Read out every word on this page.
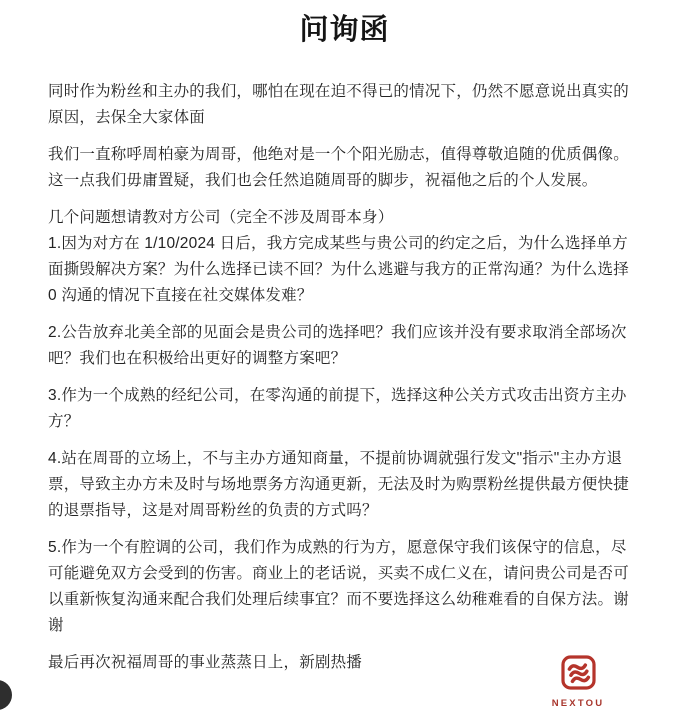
问询函

同时作为粉丝和主办的我们，哪怕在现在迫不得已的情况下，仍然不愿意说出真实的原因，去保全大家体面

我们一直称呼周柏豪为周哥，他绝对是一个个阳光励志，值得尊敬追随的优质偶像。这一点我们毋庸置疑，我们也会任然追随周哥的脚步，祝福他之后的个人发展。

几个问题想请教对方公司（完全不涉及周哥本身）

1.因为对方在 1/10/2024 日后，我方完成某些与贵公司的约定之后，为什么选择单方面撕毁解决方案？为什么选择已读不回？为什么逃避与我方的正常沟通？为什么选择 0 沟通的情况下直接在社交媒体发难？

2.公告放弃北美全部的见面会是贵公司的选择吧？我们应该并没有要求取消全部场次吧？我们也在积极给出更好的调整方案吧？

3.作为一个成熟的经纪公司，在零沟通的前提下，选择这种公关方式攻击出资方主办方？

4.站在周哥的立场上，不与主办方通知商量，不提前协调就强行发文"指示"主办方退票，导致主办方未及时与场地票务方沟通更新，无法及时为购票粉丝提供最方便快捷的退票指导，这是对周哥粉丝的负责的方式吗？

5.作为一个有腔调的公司，我们作为成熟的行为方，愿意保守我们该保守的信息，尽可能避免双方会受到的伤害。商业上的老话说，买卖不成仁义在，请问贵公司是否可以重新恢复沟通来配合我们处理后续事宜？而不要选择这么幼稚难看的自保方法。谢谢

最后再次祝福周哥的事业蒸蒸日上，新剧热播

NEXTOU
